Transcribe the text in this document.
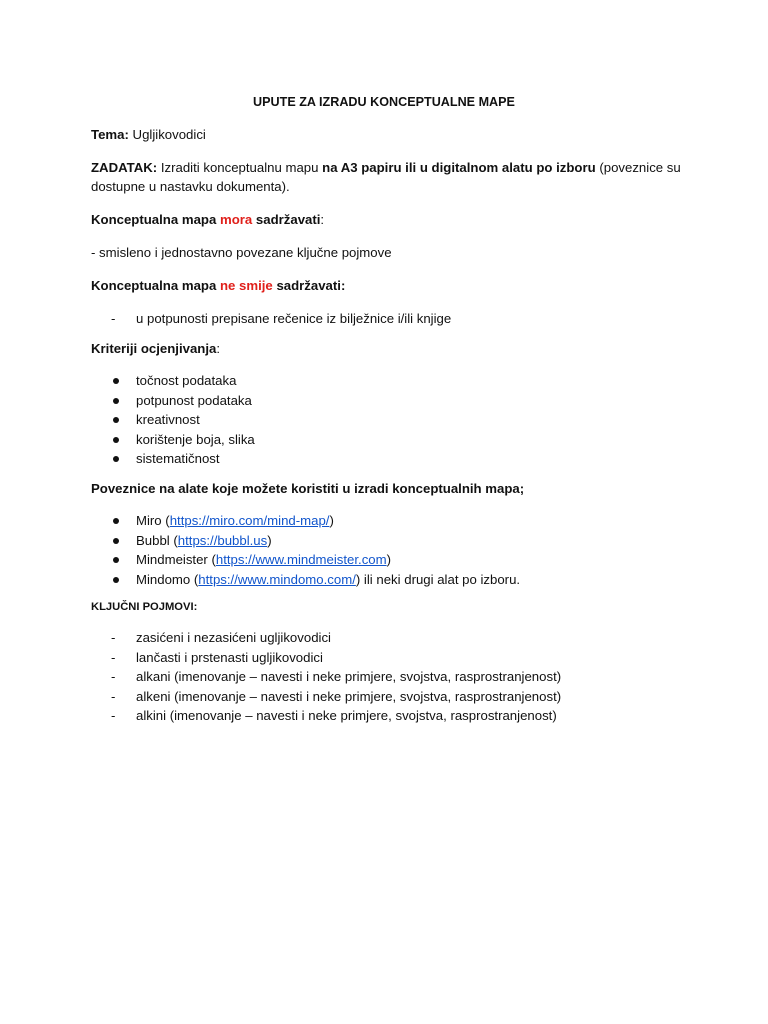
UPUTE ZA IZRADU KONCEPTUALNE MAPE
Tema: Ugljikovodici
ZADATAK: Izraditi konceptualnu mapu na A3 papiru ili u digitalnom alatu po izboru (poveznice su
dostupne u nastavku dokumenta).
Konceptualna mapa mora sadržavati:
- smisleno i jednostavno povezane ključne pojmove
Konceptualna mapa ne smije sadržavati:
- u potpunosti prepisane rečenice iz bilježnice i/ili knjige
Kriteriji ocjenjivanja:
točnost podataka
potpunost podataka
kreativnost
korištenje boja, slika
sistematičnost
Poveznice na alate koje možete koristiti u izradi konceptualnih mapa;
Miro (https://miro.com/mind-map/)
Bubbl (https://bubbl.us)
Mindmeister (https://www.mindmeister.com)
Mindomo (https://www.mindomo.com/) ili neki drugi alat po izboru.
KLJUČNI POJMOVI:
- zasićeni i nezasićeni ugljikovodici
- lančasti i prstenasti ugljikovodici
- alkani (imenovanje – navesti i neke primjere, svojstva, rasprostranjenost)
- alkeni (imenovanje – navesti i neke primjere, svojstva, rasprostranjenost)
- alkini (imenovanje – navesti i neke primjere, svojstva, rasprostranjenost)
